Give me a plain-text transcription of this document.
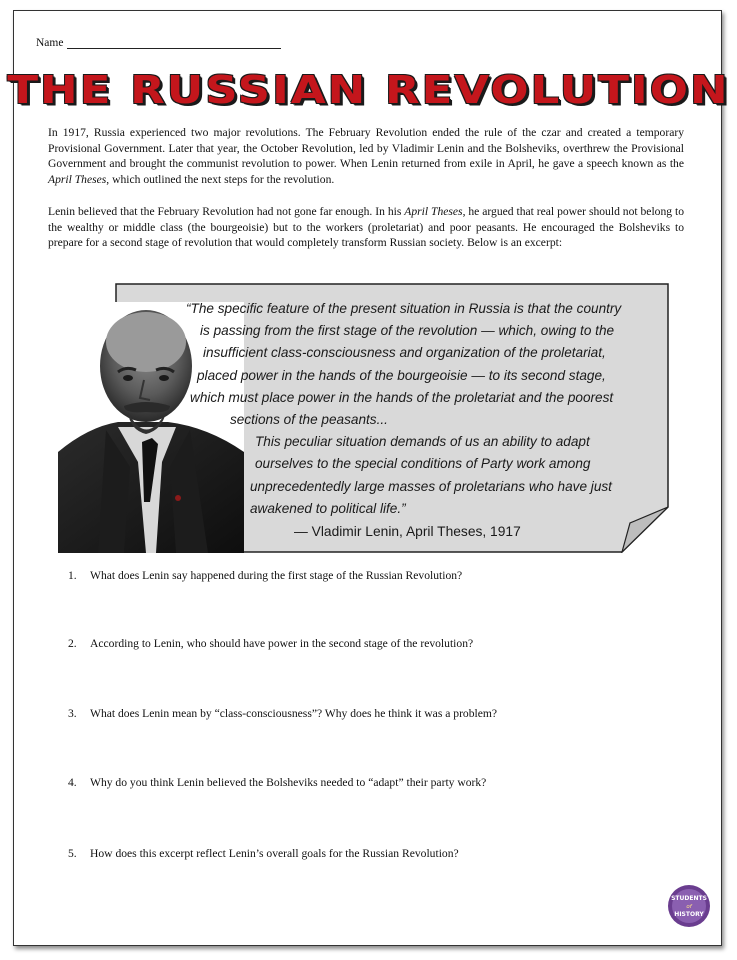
Name
THE RUSSIAN REVOLUTION

In 1917, Russia experienced two major revolutions. The February Revolution ended the rule of the czar and created a temporary Provisional Government. Later that year, the October Revolution, led by Vladimir Lenin and the Bolsheviks, overthrew the Provisional Government and brought the communist revolution to power. When Lenin returned from exile in April, he gave a speech known as the April Theses, which outlined the next steps for the revolution.

Lenin believed that the February Revolution had not gone far enough. In his April Theses, he argued that real power should not belong to the wealthy or middle class (the bourgeoisie) but to the workers (proletariat) and poor peasants. He encouraged the Bolsheviks to prepare for a second stage of revolution that would completely transform Russian society. Below is an excerpt:

“The specific feature of the present situation in Russia is that the country
is passing from the first stage of the revolution — which, owing to the
insufficient class-consciousness and organization of the proletariat,
placed power in the hands of the bourgeoisie — to its second stage,
which must place power in the hands of the proletariat and the poorest
sections of the peasants...
This peculiar situation demands of us an ability to adapt
ourselves to the special conditions of Party work among
unprecedentedly large masses of proletarians who have just
awakened to political life.”
— Vladimir Lenin, April Theses, 1917
1. What does Lenin say happened during the first stage of the Russian Revolution?
2. According to Lenin, who should have power in the second stage of the revolution?
3. What does Lenin mean by “class-consciousness”? Why does he think it was a problem?
4. Why do you think Lenin believed the Bolsheviks needed to “adapt” their party work?
5. How does this excerpt reflect Lenin’s overall goals for the Russian Revolution?
STUDENTS
of
HISTORY
